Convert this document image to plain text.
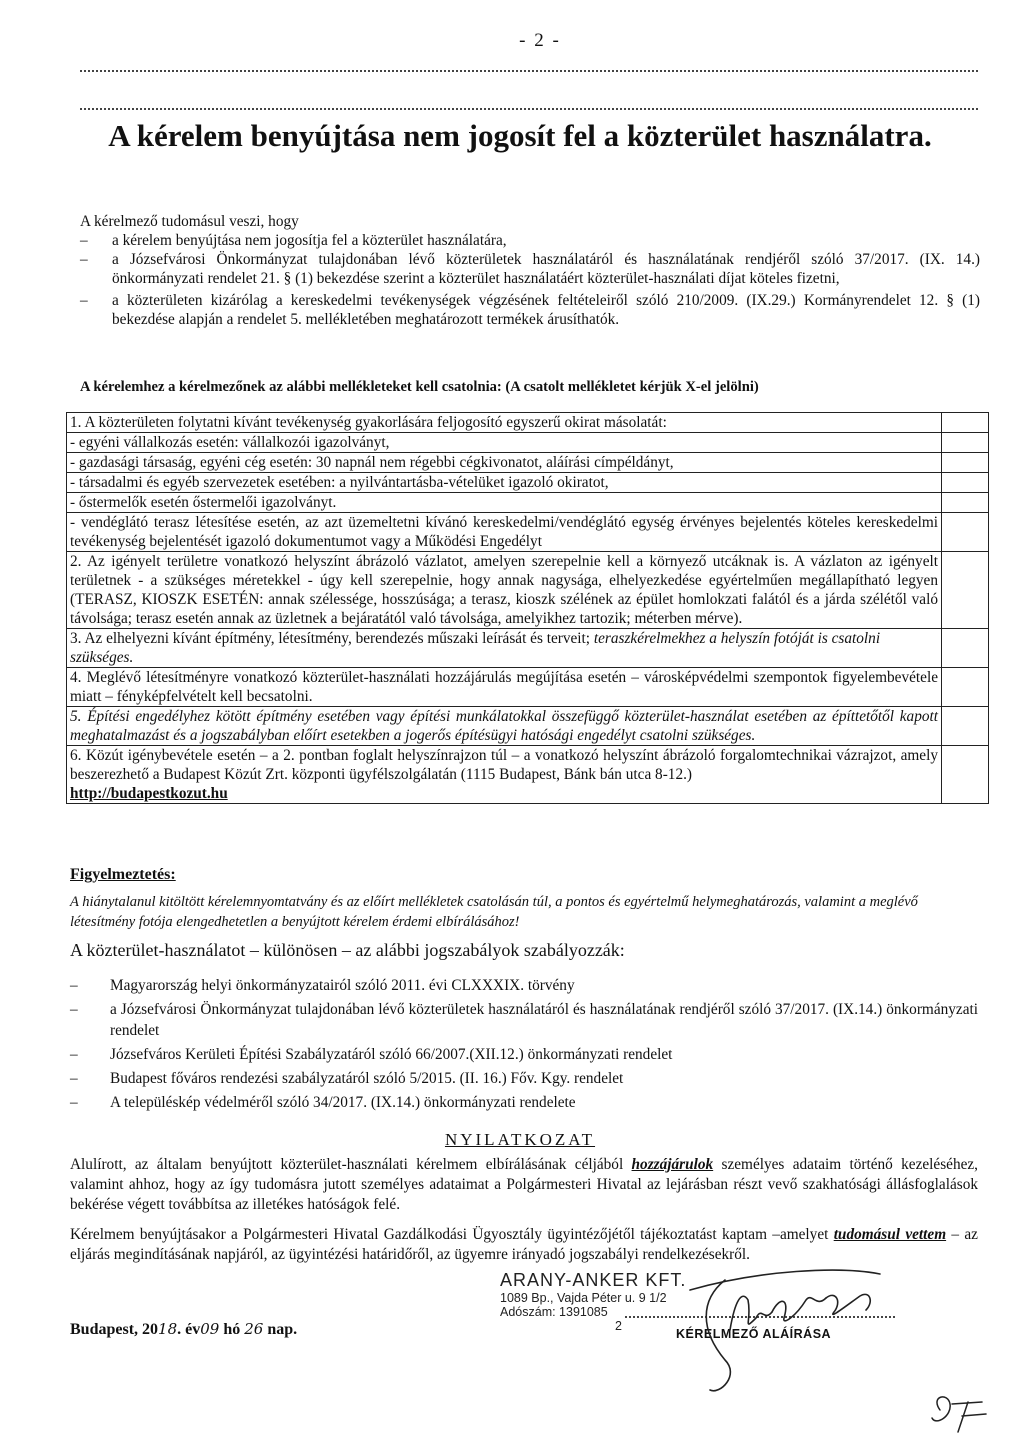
- 2 -
A kérelem benyújtása nem jogosít fel a közterület használatra.
A kérelmező tudomásul veszi, hogy
–	a kérelem benyújtása nem jogosítja fel a közterület használatára,
–	a Józsefvárosi Önkormányzat tulajdonában lévő közterületek használatáról és használatának rendjéről szóló 37/2017. (IX. 14.) önkormányzati rendelet 21. § (1) bekezdése szerint a közterület használatáért közterület-használati díjat köteles fizetni,
–	a közterületen kizárólag a kereskedelmi tevékenységek végzésének feltételeiről szóló 210/2009. (IX.29.) Kormányrendelet 12. § (1) bekezdése alapján a rendelet 5. mellékletében meghatározott termékek árusíthatók.
A kérelemhez a kérelmezőnek az alábbi mellékleteket kell csatolnia: (A csatolt mellékletet kérjük X-el jelölni)
1. A közterületen folytatni kívánt tevékenység gyakorlására feljogosító egyszerű okirat másolatát:	
- egyéni vállalkozás esetén: vállalkozói igazolványt,	
- gazdasági társaság, egyéni cég esetén: 30 napnál nem régebbi cégkivonatot, aláírási címpéldányt,	
- társadalmi és egyéb szervezetek esetében: a nyilvántartásba-vételüket igazoló okiratot,	
- őstermelők esetén őstermelői igazolványt.	
- vendéglátó terasz létesítése esetén, az azt üzemeltetni kívánó kereskedelmi/vendéglátó egység érvényes bejelentés köteles kereskedelmi tevékenység bejelentését igazoló dokumentumot vagy a Működési Engedélyt	
2. Az igényelt területre vonatkozó helyszínt ábrázoló vázlatot, amelyen szerepelnie kell a környező utcáknak is. A vázlaton az igényelt területnek - a szükséges méretekkel - úgy kell szerepelnie, hogy annak nagysága, elhelyezkedése egyértelműen megállapítható legyen (TERASZ, KIOSZK ESETÉN: annak szélessége, hosszúsága; a terasz, kioszk szélének az épület homlokzati falától és a járda szélétől való távolsága; terasz esetén annak az üzletnek a bejáratától való távolsága, amelyikhez tartozik; méterben mérve).	
3. Az elhelyezni kívánt építmény, létesítmény, berendezés műszaki leírását és terveit; teraszkérelmekhez a helyszín fotóját is csatolni szükséges.	
4. Meglévő létesítményre vonatkozó közterület-használati hozzájárulás megújítása esetén – városképvédelmi szempontok figyelembevétele miatt – fényképfelvételt kell becsatolni.	
5. Építési engedélyhez kötött építmény esetében vagy építési munkálatokkal összefüggő közterület-használat esetében az építtetőtől kapott meghatalmazást és a jogszabályban előírt esetekben a jogerős építésügyi hatósági engedélyt csatolni szükséges.	
6. Közút igénybevétele esetén – a 2. pontban foglalt helyszínrajzon túl – a vonatkozó helyszínt ábrázoló forgalomtechnikai vázrajzot, amely beszerezhető a Budapest Közút Zrt. központi ügyfélszolgálatán (1115 Budapest, Bánk bán utca 8-12.)
http://budapestkozut.hu	
Figyelmeztetés:
A hiánytalanul kitöltött kérelemnyomtatvány és az előírt mellékletek csatolásán túl, a pontos és egyértelmű helymeghatározás, valamint a meglévő létesítmény fotója elengedhetetlen a benyújtott kérelem érdemi elbírálásához!
A közterület-használatot – különösen – az alábbi jogszabályok szabályozzák:
–	Magyarország helyi önkormányzatairól szóló 2011. évi CLXXXIX. törvény
–	a Józsefvárosi Önkormányzat tulajdonában lévő közterületek használatáról és használatának rendjéről szóló 37/2017. (IX.14.) önkormányzati rendelet
–	Józsefváros Kerületi Építési Szabályzatáról szóló 66/2007.(XII.12.) önkormányzati rendelet
–	Budapest főváros rendezési szabályzatáról szóló 5/2015. (II. 16.) Főv. Kgy. rendelet
–	A településkép védelméről szóló 34/2017. (IX.14.) önkormányzati rendelete
NYILATKOZAT
Alulírott, az általam benyújtott közterület-használati kérelmem elbírálásának céljából hozzájárulok személyes adataim történő kezeléséhez, valamint ahhoz, hogy az így tudomásra jutott személyes adataimat a Polgármesteri Hivatal az lejárásban részt vevő szakhatósági állásfoglalások bekérése végett továbbítsa az illetékes hatóságok felé.
Kérelmem benyújtásakor a Polgármesteri Hivatal Gazdálkodási Ügyosztály ügyintézőjétől tájékoztatást kaptam –amelyet tudomásul vettem – az eljárás megindításának napjáról, az ügyintézési határidőről, az ügyemre irányadó jogszabályi rendelkezésekről.
Budapest, 2018. év09 hó 26 nap.
ARANY-ANKER KFT.
1089 Bp., Vajda Péter u. 9 1/2
Adószám: 1391085
2
KÉRELMEZŐ ALÁÍRÁSA
